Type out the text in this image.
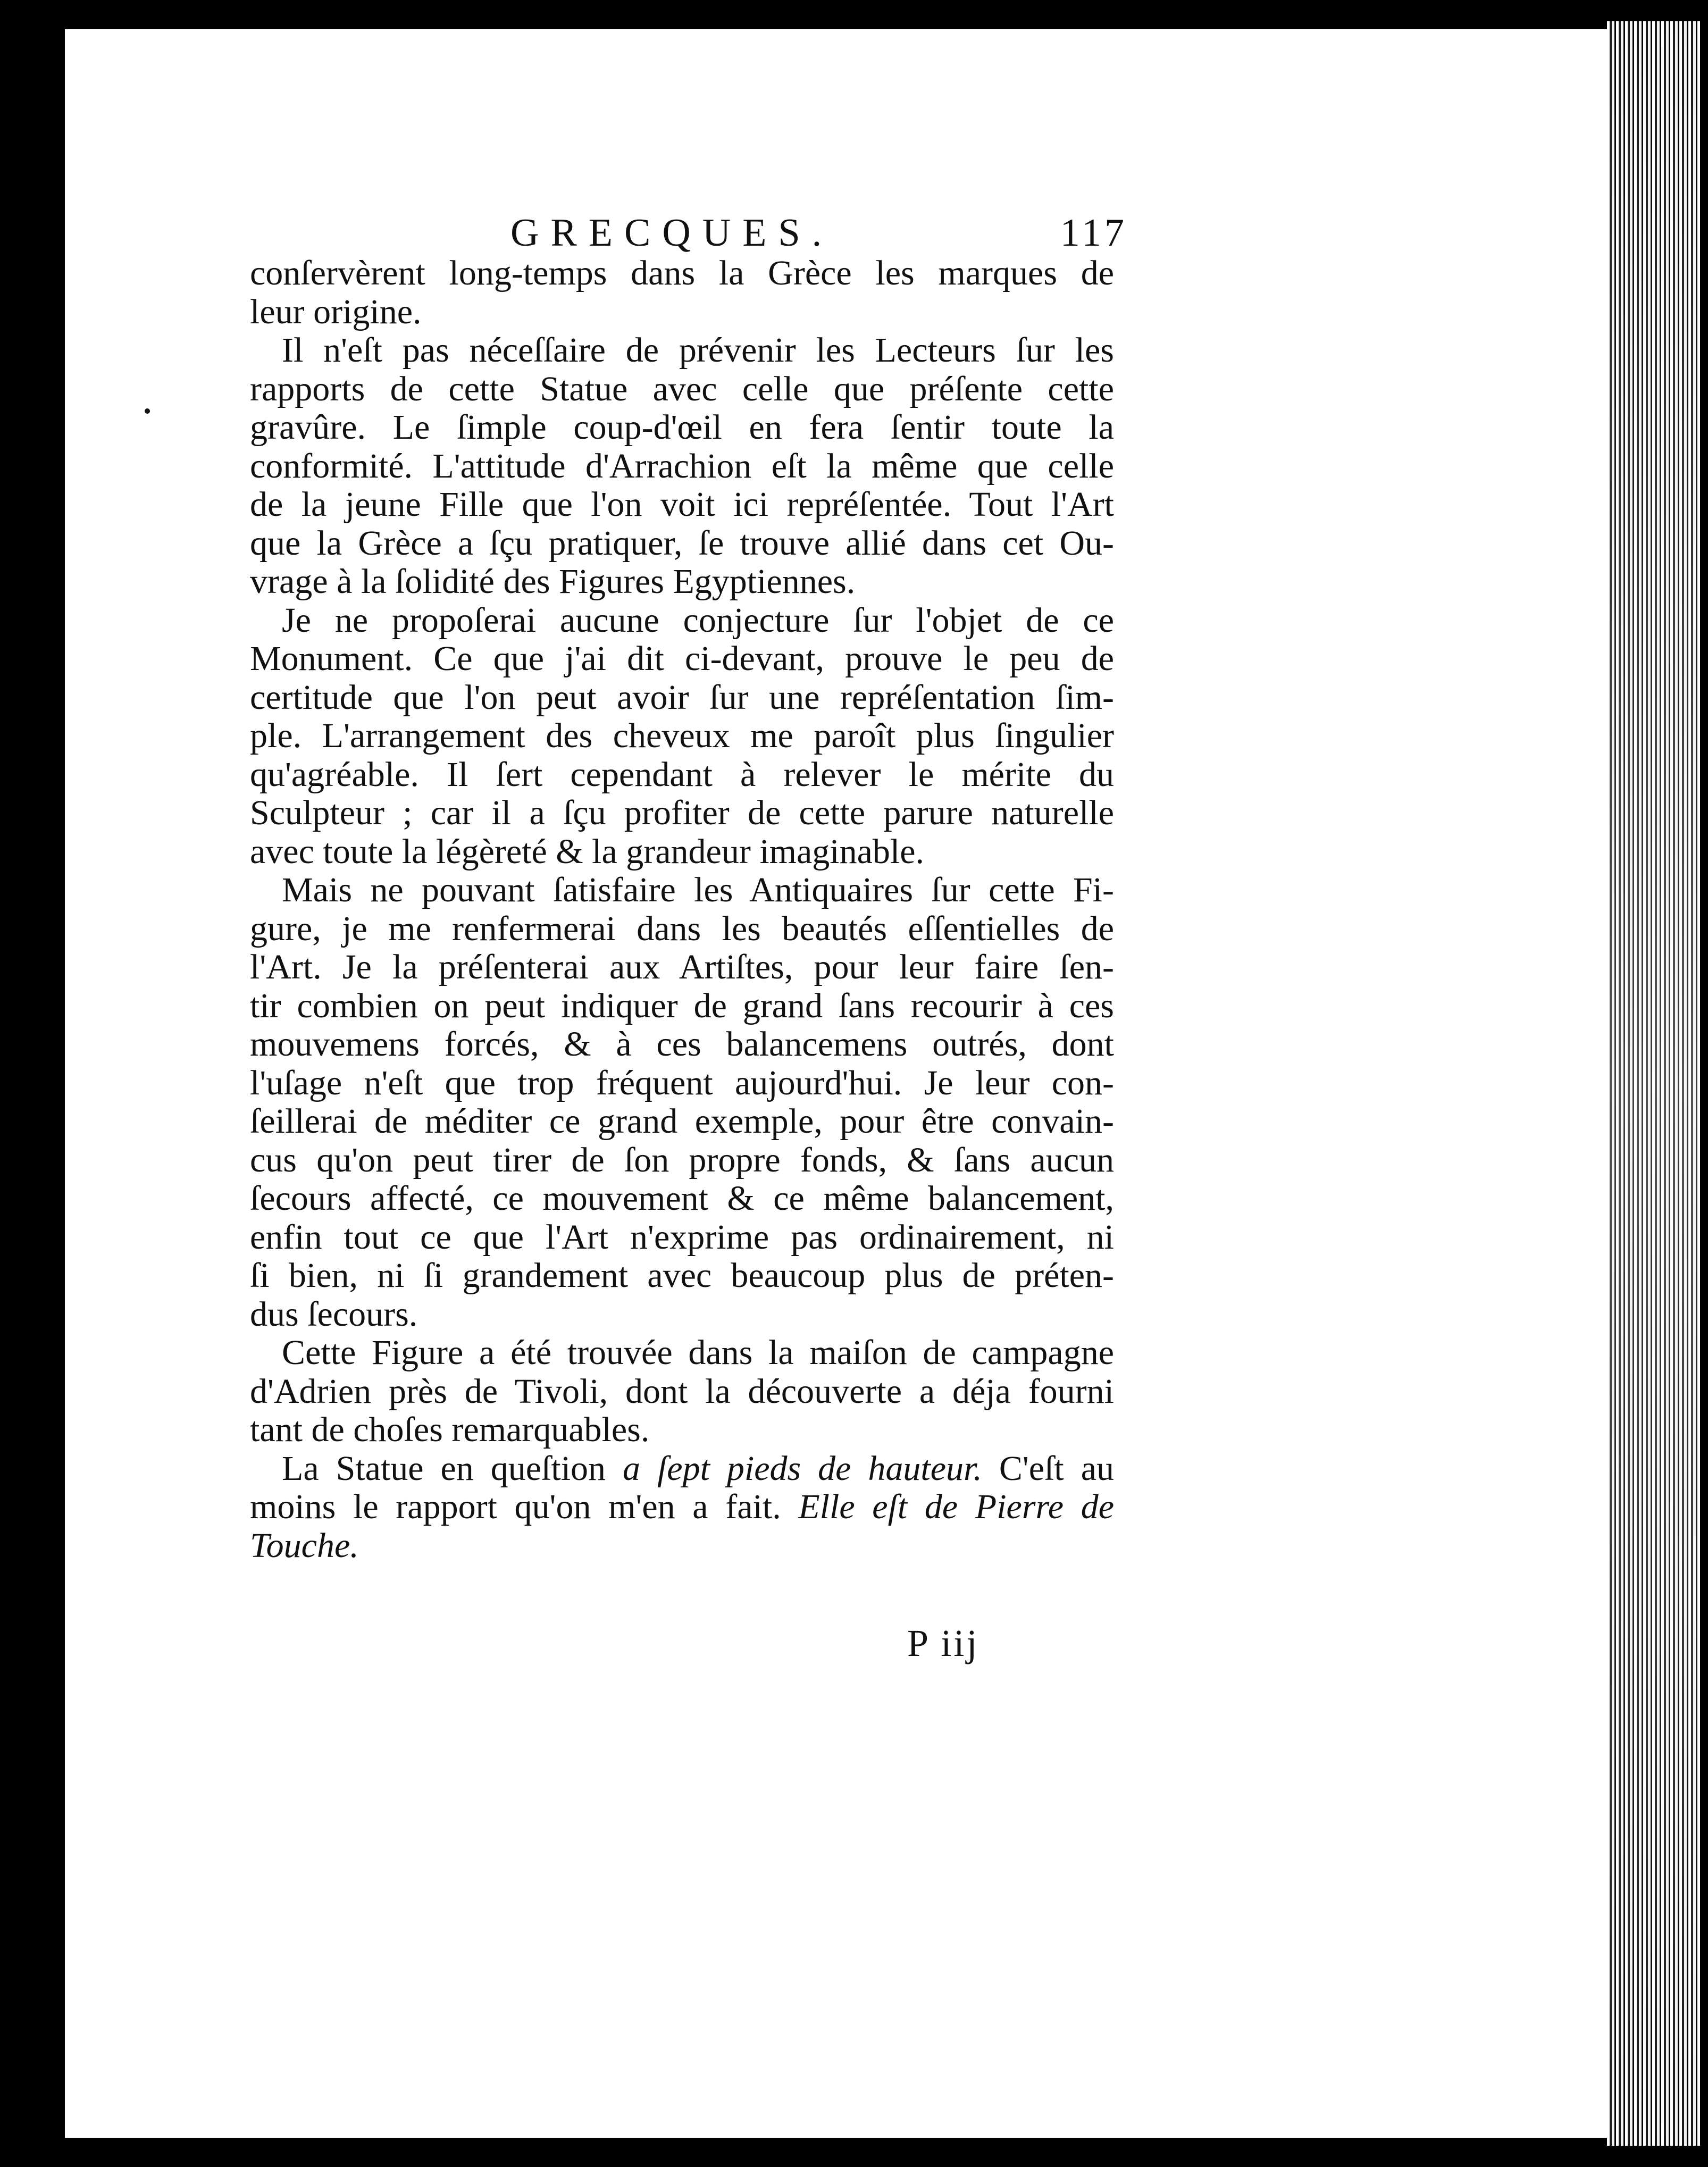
GRECQUES.	117
conſervèrent long-temps dans la Grèce les marques de
leur origine.
Il n'eſt pas néceſſaire de prévenir les Lecteurs ſur les
rapports de cette Statue avec celle que préſente cette
gravûre. Le ſimple coup-d'œil en fera ſentir toute la
conformité. L'attitude d'Arrachion eſt la même que celle
de la jeune Fille que l'on voit ici repréſentée. Tout l'Art
que la Grèce a ſçu pratiquer, ſe trouve allié dans cet Ou-
vrage à la ſolidité des Figures Egyptiennes.
Je ne propoſerai aucune conjecture ſur l'objet de ce
Monument. Ce que j'ai dit ci-devant, prouve le peu de
certitude que l'on peut avoir ſur une repréſentation ſim-
ple. L'arrangement des cheveux me paroît plus ſingulier
qu'agréable. Il ſert cependant à relever le mérite du
Sculpteur ; car il a ſçu profiter de cette parure naturelle
avec toute la légèreté & la grandeur imaginable.
Mais ne pouvant ſatisfaire les Antiquaires ſur cette Fi-
gure, je me renfermerai dans les beautés eſſentielles de
l'Art. Je la préſenterai aux Artiſtes, pour leur faire ſen-
tir combien on peut indiquer de grand ſans recourir à ces
mouvemens forcés, & à ces balancemens outrés, dont
l'uſage n'eſt que trop fréquent aujourd'hui. Je leur con-
ſeillerai de méditer ce grand exemple, pour être convain-
cus qu'on peut tirer de ſon propre fonds, & ſans aucun
ſecours affecté, ce mouvement & ce même balancement,
enfin tout ce que l'Art n'exprime pas ordinairement, ni
ſi bien, ni ſi grandement avec beaucoup plus de préten-
dus ſecours.
Cette Figure a été trouvée dans la maiſon de campagne
d'Adrien près de Tivoli, dont la découverte a déja fourni
tant de choſes remarquables.
La Statue en queſtion a ſept pieds de hauteur. C'eſt au
moins le rapport qu'on m'en a fait. Elle eſt de Pierre de
Touche.
P iij
